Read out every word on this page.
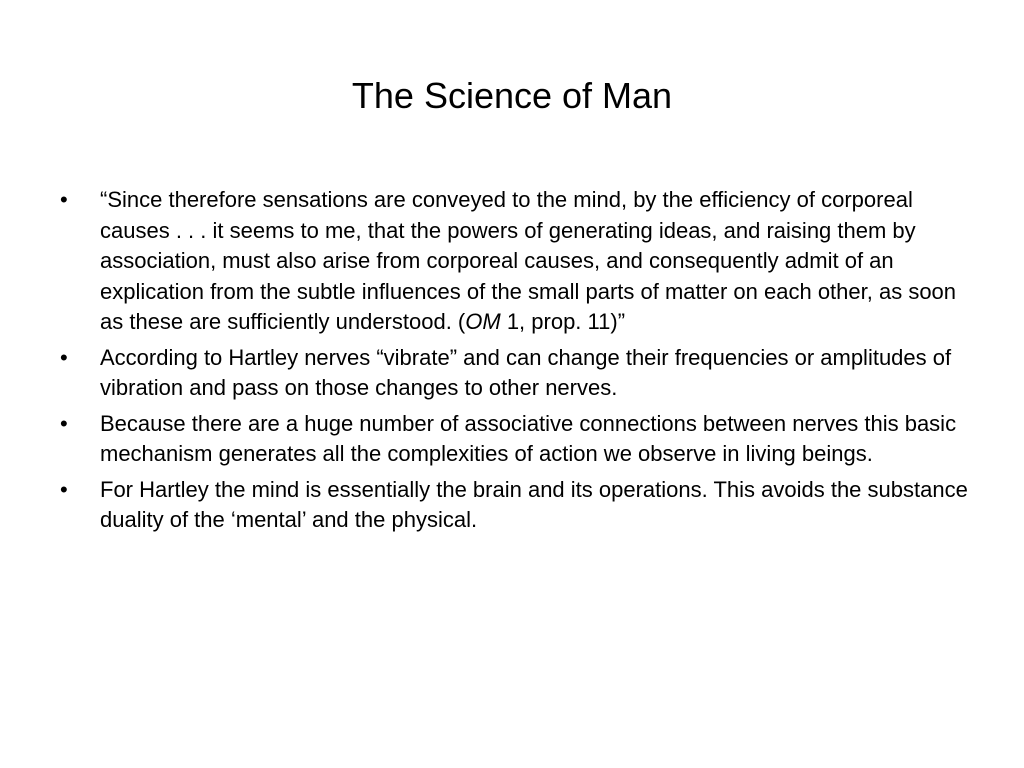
The Science of Man
•	“Since therefore sensations are conveyed to the mind, by the efficiency of corporeal causes . . . it seems to me, that the powers of generating ideas, and raising them by association, must also arise from corporeal causes, and consequently admit of an explication from the subtle influences of the small parts of matter on each other, as soon as these are sufficiently understood. (OM 1, prop. 11)”
•	According to Hartley nerves “vibrate” and can change their frequencies or amplitudes of vibration and pass on those changes to other nerves.
•	Because there are a huge number of associative connections between nerves this basic mechanism generates all the complexities of action we observe in living beings.
•	For Hartley the mind is essentially the brain and its operations. This avoids the substance duality of the ‘mental’ and the physical.
